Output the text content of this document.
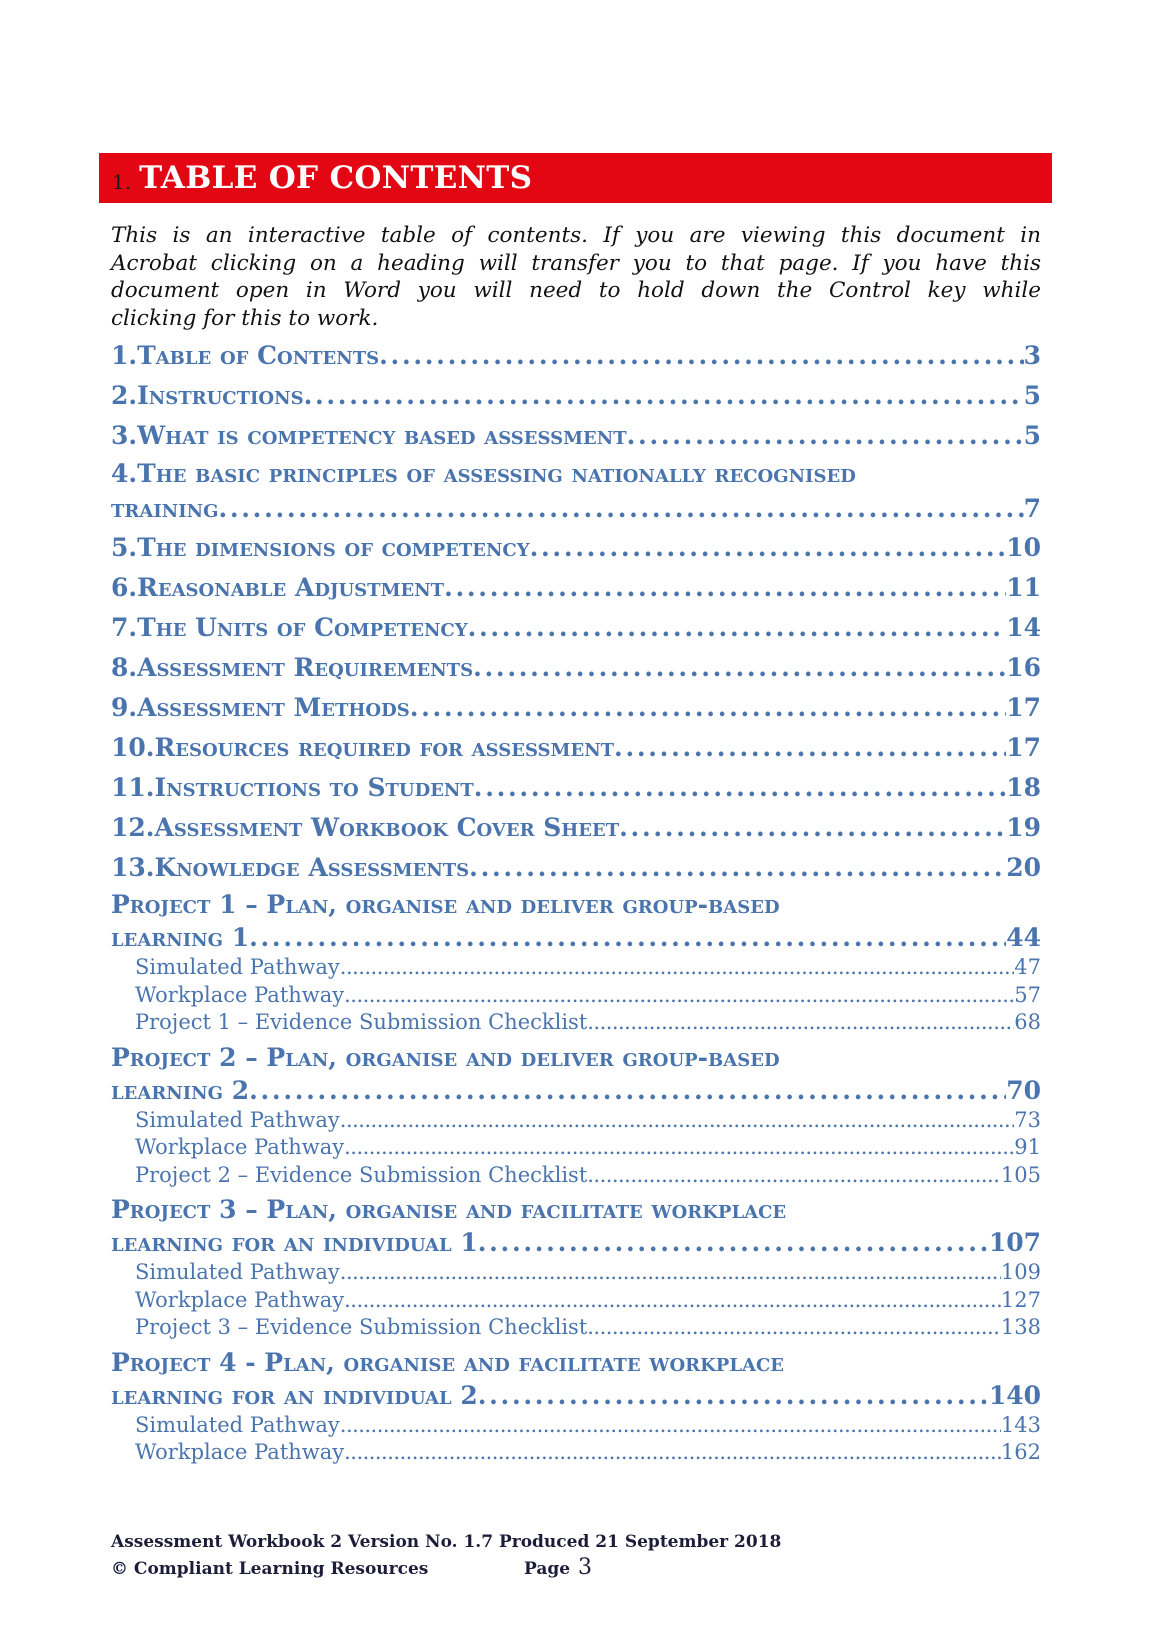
1. TABLE OF CONTENTS
This is an interactive table of contents. If you are viewing this document in
Acrobat clicking on a heading will transfer you to that page. If you have this
document open in Word you will need to hold down the Control key while
clicking for this to work.
1.Table of Contents . . .	3
2.Instructions . . .	5
3.What is competency based assessment . . .	5
4.The basic principles of assessing nationally recognised
training . . .	7
5.The dimensions of competency . . .	10
6.Reasonable Adjustment . . .	11
7.The Units of Competency . . .	14
8.Assessment Requirements . . .	16
9.Assessment Methods . . .	17
10.Resources required for assessment . . .	17
11.Instructions to Student . . .	18
12.Assessment Workbook Cover Sheet . . .	19
13.Knowledge Assessments . . .	20
Project 1 – Plan, organise and deliver group-based
learning 1 . . .	44
Simulated Pathway . . .	47
Workplace Pathway . . .	57
Project 1 – Evidence Submission Checklist . . .	68
Project 2 – Plan, organise and deliver group-based
learning 2 . . .	70
Simulated Pathway . . .	73
Workplace Pathway . . .	91
Project 2 – Evidence Submission Checklist . . .	105
Project 3 – Plan, organise and facilitate workplace
learning for an individual 1 . . .	107
Simulated Pathway . . .	109
Workplace Pathway . . .	127
Project 3 – Evidence Submission Checklist . . .	138
Project 4 - Plan, organise and facilitate workplace
learning for an individual 2 . . .	140
Simulated Pathway . . .	143
Workplace Pathway . . .	162
Assessment Workbook 2 Version No. 1.7 Produced 21 September 2018
© Compliant Learning Resources	Page 3
